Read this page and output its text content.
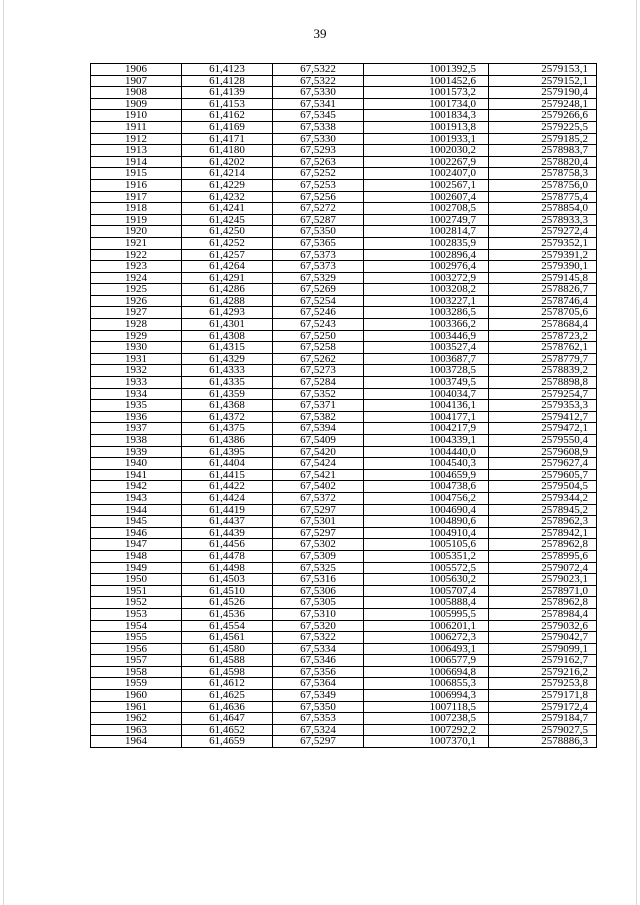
39
1906	61,4123	67,5322	1001392,5	2579153,1
1907	61,4128	67,5322	1001452,6	2579152,1
1908	61,4139	67,5330	1001573,2	2579190,4
1909	61,4153	67,5341	1001734,0	2579248,1
1910	61,4162	67,5345	1001834,3	2579266,6
1911	61,4169	67,5338	1001913,8	2579225,5
1912	61,4171	67,5330	1001933,1	2579185,2
1913	61,4180	67,5293	1002030,2	2578983,7
1914	61,4202	67,5263	1002267,9	2578820,4
1915	61,4214	67,5252	1002407,0	2578758,3
1916	61,4229	67,5253	1002567,1	2578756,0
1917	61,4232	67,5256	1002607,4	2578775,4
1918	61,4241	67,5272	1002708,5	2578854,0
1919	61,4245	67,5287	1002749,7	2578933,3
1920	61,4250	67,5350	1002814,7	2579272,4
1921	61,4252	67,5365	1002835,9	2579352,1
1922	61,4257	67,5373	1002896,4	2579391,2
1923	61,4264	67,5373	1002976,4	2579390,1
1924	61,4291	67,5329	1003272,9	2579145,8
1925	61,4286	67,5269	1003208,2	2578826,7
1926	61,4288	67,5254	1003227,1	2578746,4
1927	61,4293	67,5246	1003286,5	2578705,6
1928	61,4301	67,5243	1003366,2	2578684,4
1929	61,4308	67,5250	1003446,9	2578723,2
1930	61,4315	67,5258	1003527,4	2578762,1
1931	61,4329	67,5262	1003687,7	2578779,7
1932	61,4333	67,5273	1003728,5	2578839,2
1933	61,4335	67,5284	1003749,5	2578898,8
1934	61,4359	67,5352	1004034,7	2579254,7
1935	61,4368	67,5371	1004136,1	2579353,3
1936	61,4372	67,5382	1004177,1	2579412,7
1937	61,4375	67,5394	1004217,9	2579472,1
1938	61,4386	67,5409	1004339,1	2579550,4
1939	61,4395	67,5420	1004440,0	2579608,9
1940	61,4404	67,5424	1004540,3	2579627,4
1941	61,4415	67,5421	1004659,9	2579605,7
1942	61,4422	67,5402	1004738,6	2579504,5
1943	61,4424	67,5372	1004756,2	2579344,2
1944	61,4419	67,5297	1004690,4	2578945,2
1945	61,4437	67,5301	1004890,6	2578962,3
1946	61,4439	67,5297	1004910,4	2578942,1
1947	61,4456	67,5302	1005105,6	2578962,8
1948	61,4478	67,5309	1005351,2	2578995,6
1949	61,4498	67,5325	1005572,5	2579072,4
1950	61,4503	67,5316	1005630,2	2579023,1
1951	61,4510	67,5306	1005707,4	2578971,0
1952	61,4526	67,5305	1005888,4	2578962,8
1953	61,4536	67,5310	1005995,5	2578984,4
1954	61,4554	67,5320	1006201,1	2579032,6
1955	61,4561	67,5322	1006272,3	2579042,7
1956	61,4580	67,5334	1006493,1	2579099,1
1957	61,4588	67,5346	1006577,9	2579162,7
1958	61,4598	67,5356	1006694,8	2579216,2
1959	61,4612	67,5364	1006855,3	2579253,8
1960	61,4625	67,5349	1006994,3	2579171,8
1961	61,4636	67,5350	1007118,5	2579172,4
1962	61,4647	67,5353	1007238,5	2579184,7
1963	61,4652	67,5324	1007292,2	2579027,5
1964	61,4659	67,5297	1007370,1	2578886,3
